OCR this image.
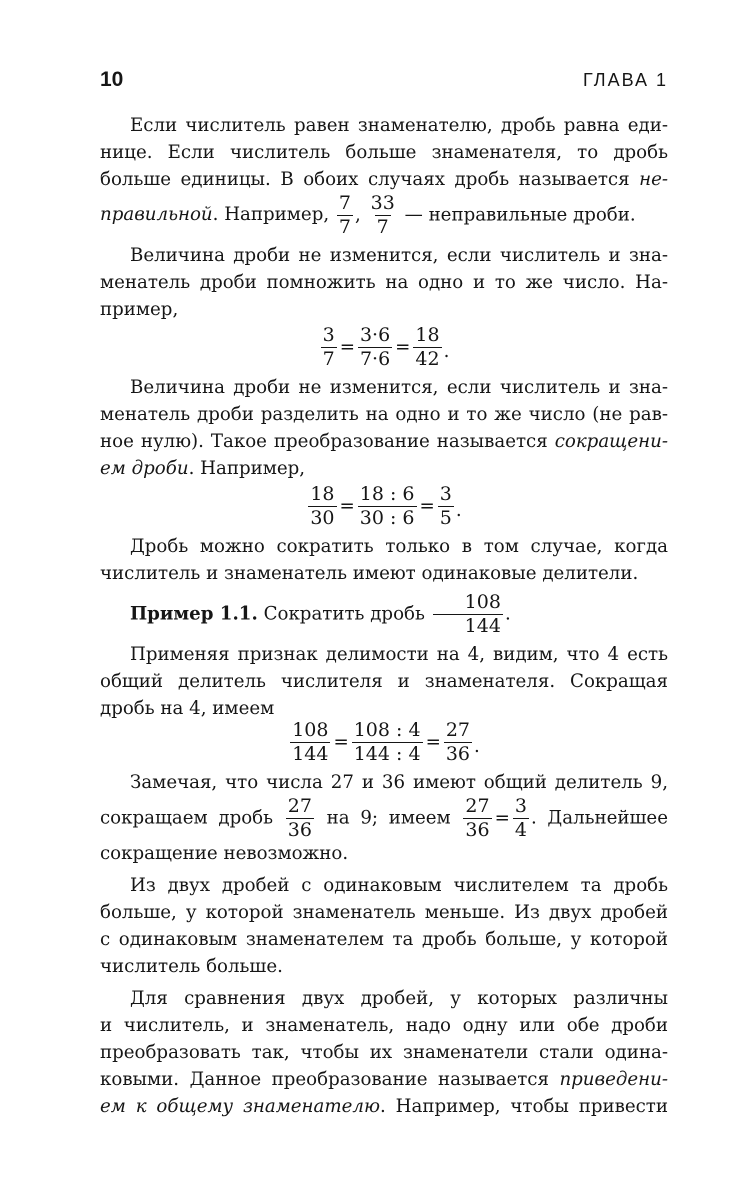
10	ГЛАВА 1

Если числитель равен знаменателю, дробь равна еди-

нице. Если числитель больше знаменателя, то дробь

больше единицы. В обоих случаях дробь называется не-

правильной. Например, $\frac{7}{7}$ , $\frac{33}{7}$ — неправильные дроби.

Величина дроби не изменится, если числитель и зна-

менатель дроби помножить на одно и то же число. На-

пример,

$\frac{3}{7} = \frac{3\cdot 6}{7\cdot 6} = \frac{18}{42}$ .

Величина дроби не изменится, если числитель и зна-

менатель дроби разделить на одно и то же число (не рав-

ное нулю). Такое преобразование называется сокращени-

ем дроби. Например,

$\frac{18}{30} = \frac{18 : 6}{30 : 6} = \frac{3}{5}$ .

Дробь можно сократить только в том случае, когда

числитель и знаменатель имеют одинаковые делители.

Пример 1.1. Сократить дробь $\frac{108}{144}$ .

Применяя признак делимости на 4, видим, что 4 есть

общий делитель числителя и знаменателя. Сокращая

дробь на 4, имеем

$\frac{108}{144} = \frac{108 : 4}{144 : 4} = \frac{27}{36}$ .

Замечая, что числа 27 и 36 имеют общий делитель 9,

сокращаем дробь $\frac{27}{36}$ на 9; имеем $\frac{27}{36} = \frac{3}{4}$ . Дальнейшее

сокращение невозможно.

Из двух дробей с одинаковым числителем та дробь

больше, у которой знаменатель меньше. Из двух дробей

с одинаковым знаменателем та дробь больше, у которой

числитель больше.

Для сравнения двух дробей, у которых различны

и числитель, и знаменатель, надо одну или обе дроби

преобразовать так, чтобы их знаменатели стали одина-

ковыми. Данное преобразование называется приведени-

ем к общему знаменателю. Например, чтобы привести
